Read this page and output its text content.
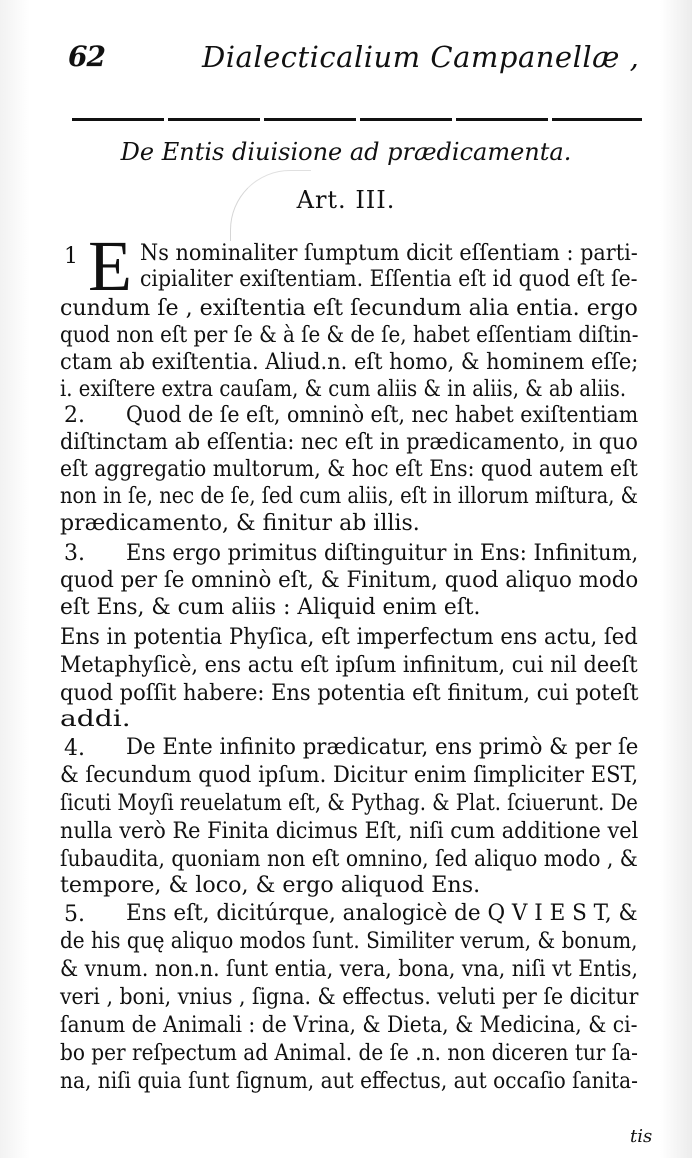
62	Dialecticalium Campanellæ ,
De Entis diuisione ad prædicamenta.
Art. III.
E
1
2.
3.
4.
5.
Ns nominaliter ſumptum dicit eſſentiam : parti-
cipialiter exiſtentiam. Eſſentia eſt id quod eſt ſe-
cundum ſe , exiſtentia eſt ſecundum alia entia. ergo
quod non eſt per ſe & à ſe & de ſe, habet eſſentiam diſtin-
ctam ab exiſtentia. Aliud.n. eſt homo, & hominem eſſe;
i. exiſtere extra cauſam, & cum aliis & in aliis, & ab aliis.
Quod de ſe eſt, omninò eſt, nec habet exiſtentiam
diſtinctam ab eſſentia: nec eſt in prædicamento, in quo
eſt aggregatio multorum, & hoc eſt Ens: quod autem eſt
non in ſe, nec de ſe, ſed cum aliis, eſt in illorum miſtura, &
prædicamento, & finitur ab illis.
Ens ergo primitus diſtinguitur in Ens: Infinitum,
quod per ſe omninò eſt, & Finitum, quod aliquo modo
eſt Ens, & cum aliis : Aliquid enim eſt.
Ens in potentia Phyſica, eſt imperfectum ens actu, ſed
Metaphyſicè, ens actu eſt ipſum infinitum, cui nil deeſt
quod poſſit habere: Ens potentia eſt finitum, cui poteſt
addi.
De Ente infinito prædicatur, ens primò & per ſe
& ſecundum quod ipſum. Dicitur enim ſimpliciter EST,
ſicuti Moyſi reuelatum eſt, & Pythag. & Plat. ſciuerunt. De
nulla verò Re Finita dicimus Eſt, niſi cum additione vel
ſubaudita, quoniam non eſt omnino, ſed aliquo modo , &
tempore, & loco, & ergo aliquod Ens.
Ens eſt, dicitúrque, analogicè de Q V I E S T, &
de his quę aliquo modos ſunt. Similiter verum, & bonum,
& vnum. non.n. ſunt entia, vera, bona, vna, niſi vt Entis,
veri , boni, vnius , ſigna. & effectus. veluti per ſe dicitur
ſanum de Animali : de Vrina, & Dieta, & Medicina, & ci-
bo per reſpectum ad Animal. de ſe .n. non diceren tur ſa-
na, niſi quia ſunt ſignum, aut effectus, aut occaſio ſanita-
tis
